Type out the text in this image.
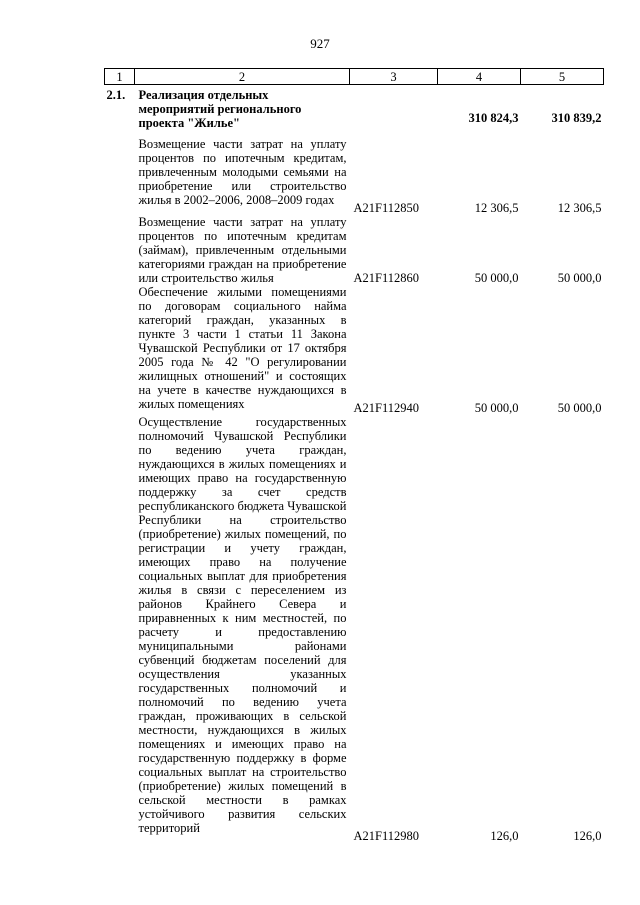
927
1	2	3	4	5
2.1.	Реализация отдельных мероприятий регионального проекта "Жилье"		310 824,3	310 839,2
	Возмещение части затрат на уплату процентов по ипотечным кредитам, привлеченным молодыми семьями на приобретение или строительство жилья в 2002–2006, 2008–2009 годах	A21F112850	12 306,5	12 306,5
	Возмещение части затрат на уплату процентов по ипотечным кредитам (займам), привлеченным отдельными категориями граждан на приобретение или строительство жилья	A21F112860	50 000,0	50 000,0
	Обеспечение жилыми помещениями по договорам социального найма категорий граждан, указанных в пункте 3 части 1 статьи 11 Закона Чувашской Республики от 17 октября 2005 года № 42 "О регулировании жилищных отношений" и состоящих на учете в качестве нуждающихся в жилых помещениях	A21F112940	50 000,0	50 000,0
	Осуществление государственных полномочий Чувашской Республики по ведению учета граждан, нуждающихся в жилых помещениях и имеющих право на государственную поддержку за счет средств республиканского бюджета Чувашской Республики на строительство (приобретение) жилых помещений, по регистрации и учету граждан, имеющих право на получение социальных выплат для приобретения жилья в связи с переселением из районов Крайнего Севера и приравненных к ним местностей, по расчету и предоставлению муниципальными районами субвенций бюджетам поселений для осуществления указанных государственных полномочий и полномочий по ведению учета граждан, проживающих в сельской местности, нуждающихся в жилых помещениях и имеющих право на государственную поддержку в форме социальных выплат на строительство (приобретение) жилых помещений в сельской местности в рамках устойчивого развития сельских территорий	A21F112980	126,0	126,0
